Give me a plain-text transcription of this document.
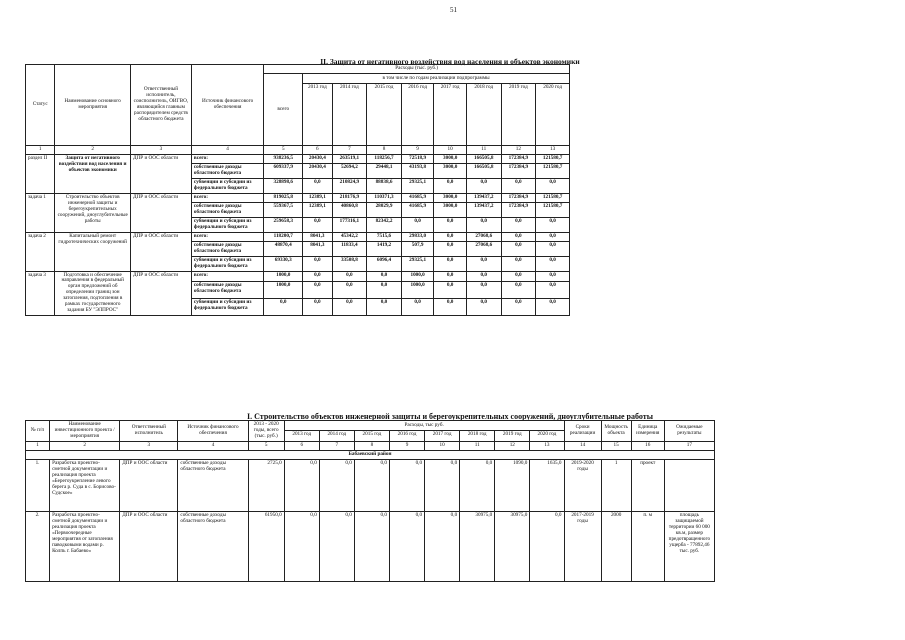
51
II. Защита от негативного воздействия вод населения и объектов экономики
Статус	Наименование основного мероприятия	Ответственный исполнитель, соисполнитель, ОИГВО, являющийся главным распорядителем средств областного бюджета	Источник финансового обеспечения	Расходы (тыс. руб.)								
				всего	в том числе по годам реализации подпрограммы							
					2013 год	2014 год	2015 год	2016 год	2017 год	2018 год	2019 год	2020 год
1	2	3	4	5	6	7	8	9	10	11	12	13
раздел II	Защита от негативного воздействия вод населения и объектов экономики	ДПР и ООС области	всего:	938236,5	20430,4	263519,1	118256,7	72518,9	3000,0	166505,8	172384,9	121580,7
			собственные доходы областного бюджета	609337,9	20430,4	52694,2	29448,1	43193,8	3000,0	166505,8	172384,9	121580,7
			субвенции и субсидии из федерального бюджета	328898,6	0,0	210824,9	88838,6	29325,1	0,0	0,0	0,0	0,0
задача 1	Строительство объектов инженерной защиты и берегоукрепительных сооружений, дноуглубительные работы	ДПР и ООС области	всего:	819025,8	12389,1	218176,9	110371,3	41685,9	3000,0	139437,2	172384,9	121580,7
			собственные доходы областного бюджета	559367,5	12389,1	40860,8	28029,9	41685,9	3000,0	139437,2	172384,9	121580,7
			субвенции и субсидии из федерального бюджета	259658,3	0,0	177316,1	82342,2	0,0	0,0	0,0	0,0	0,0
задача 2	Капитальный ремонт гидротехнических сооружений	ДПР и ООС области	всего:	118200,7	8041,3	45342,2	7515,6	29833,0	0,0	27068,6	0,0	0,0
			собственные доходы областного бюджета	48870,4	8041,3	11833,4	1419,2	507,9	0,0	27068,6	0,0	0,0
			субвенции и субсидии из федерального бюджета	69330,3	0,0	33508,8	6096,4	29325,1	0,0	0,0	0,0	0,0
задача 3	Подготовка и обеспечение направления в федеральный орган предложений об определении границ зон затопления, подтопления в рамках государственного задания БУ "ЭЛПРОС"	ДПР и ООС области	всего:	1000,0	0,0	0,0	0,0	1000,0	0,0	0,0	0,0	0,0
			собственные доходы областного бюджета	1000,0	0,0	0,0	0,0	1000,0	0,0	0,0	0,0	0,0
			субвенции и субсидии из федерального бюджета	0,0	0,0	0,0	0,0	0,0	0,0	0,0	0,0	0,0
I. Строительство объектов инженерной защиты и берегоукрепительных сооружений, дноуглубительные работы
№ п/п	Наименование инвестиционного проекта / мероприятия	Ответственный исполнитель	Источник финансового обеспечения	2013 - 2020 годы, всего (тыс. руб.)	Расходы, тыс руб.								Сроки реализации	Мощность объекта	Единица измерения	Ожидаемые результаты
					2013 год	2014 год	2015 год	2016 год	2017 год	2018 год	2019 год	2020 год				
1	2	3	4	5	6	7	8	9	10	11	12	13	14	15	16	17
Бабаевский район																
1.	Разработка проектно-сметной документации и реализация проекта «Берегоукрепление левого берега р. Суда в с. Борисово-Судское»	ДПР и ООС области	собственные доходы областного бюджета	2725,0	0,0	0,0	0,0	0,0	0,0	0,0	1090,0	1635,0	2019-2020 годы	1	проект	
2.	Разработка проектно-сметной документации и реализация проекта «Первоочередные мероприятия от затопления паводковыми водами р. Колпь г. Бабаево»	ДПР и ООС области	собственные доходы областного бюджета	61950,0	0,0	0,0	0,0	0,0	0,0	30975,0	30975,0	0,0	2017-2019 годы	2000	п. м	площадь защищаемой территории 60 000 кв.м, размер предотвращенного ущерба - 77892,46 тыс. руб.
